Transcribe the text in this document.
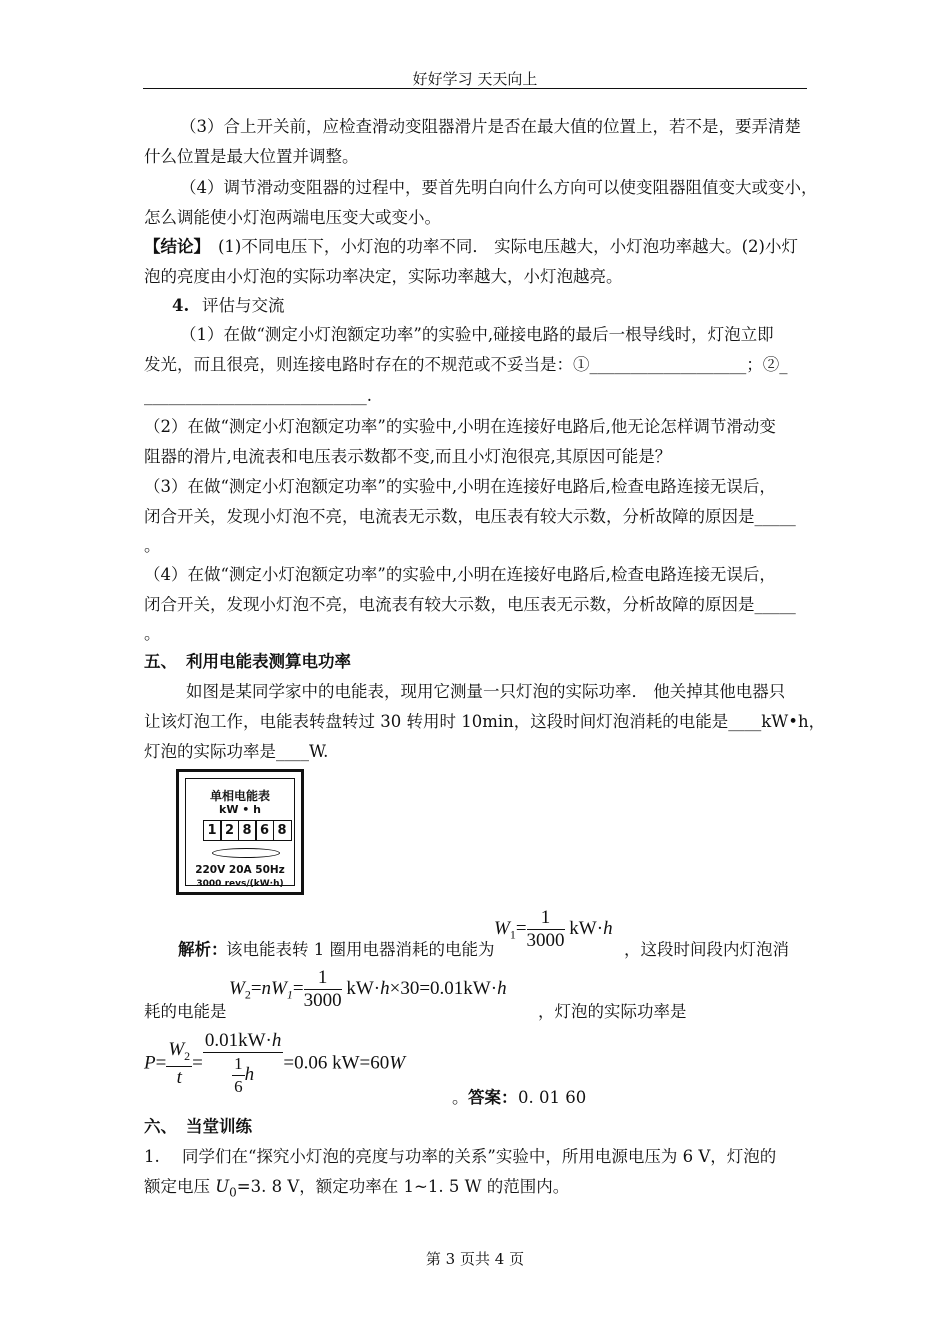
好好学习 天天向上
（3）合上开关前，应检查滑动变阻器滑片是否在最大值的位置上，若不是，要弄清楚
什么位置是最大位置并调整。
（4）调节滑动变阻器的过程中，要首先明白向什么方向可以使变阻器阻值变大或变小，
怎么调能使小灯泡两端电压变大或变小。
【结论】 (1)不同电压下，小灯泡的功率不同． 实际电压越大，小灯泡功率越大。(2)小灯
泡的亮度由小灯泡的实际功率决定，实际功率越大，小灯泡越亮。
4. 评估与交流
（1）在做“测定小灯泡额定功率”的实验中,碰接电路的最后一根导线时，灯泡立即
发光，而且很亮，则连接电路时存在的不规范或不妥当是：①___________________；②_
___________________________.
（2）在做“测定小灯泡额定功率”的实验中,小明在连接好电路后,他无论怎样调节滑动变
阻器的滑片,电流表和电压表示数都不变,而且小灯泡很亮,其原因可能是？
（3）在做“测定小灯泡额定功率”的实验中,小明在连接好电路后,检查电路连接无误后，
闭合开关，发现小灯泡不亮，电流表无示数，电压表有较大示数，分析故障的原因是_____
。
（4）在做“测定小灯泡额定功率”的实验中,小明在连接好电路后,检查电路连接无误后，
闭合开关，发现小灯泡不亮，电流表有较大示数，电压表无示数，分析故障的原因是_____
。
五、 利用电能表测算电功率
如图是某同学家中的电能表，现用它测量一只灯泡的实际功率． 他关掉其他电器只
让该灯泡工作，电能表转盘转过 30 转用时 10min，这段时间灯泡消耗的电能是____kW•h，
灯泡的实际功率是____W.
单相电能表
kW • h
1 2 8 6 8
220V 20A 50Hz
3000 revs/(kW·h)
解析：
该电能表转 1 圈用电器消耗的电能为
$W_1= \frac{1}{3000} kW\cdot h$
，这段时间段内灯泡消
耗的电能是
$W_2=nW_1= \frac{1}{3000} kW\cdot h\times 30=0.01kW\cdot h$
，灯泡的实际功率是
$P= \frac{W_2}{t} = \frac{0.01kW\cdot h}{\frac{1}{6} h} =0.06$ kW=60W
。 答案： 0. 01 60
六、 当堂训练
1. 同学们在“探究小灯泡的亮度与功率的关系”实验中，所用电源电压为 6 V，灯泡的
额定电压 $U_0=3$. 8 V，额定功率在 1~1. 5 W 的范围内。
第 3 页共 4 页
